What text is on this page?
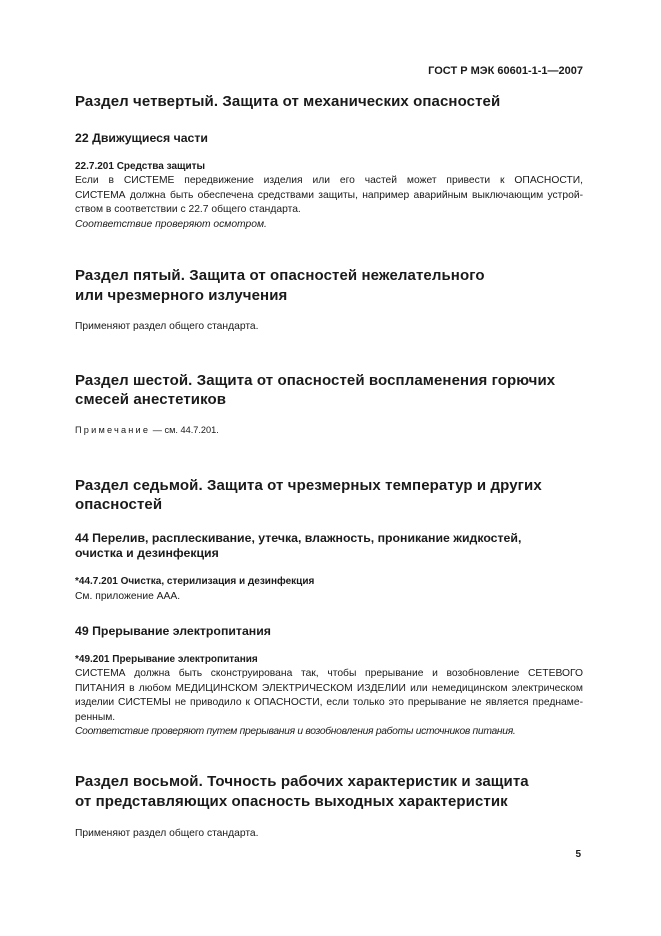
ГОСТ Р МЭК 60601-1-1—2007
Раздел четвертый. Защита от механических опасностей
22 Движущиеся части
22.7.201 Средства защиты
Если в СИСТЕМЕ передвижение изделия или его частей может привести к ОПАСНОСТИ,
СИСТЕМА должна быть обеспечена средствами защиты, например аварийным выключающим устрой-
ством в соответствии с 22.7 общего стандарта.
Соответствие проверяют осмотром.
Раздел пятый. Защита от опасностей нежелательного
или чрезмерного излучения
Применяют раздел общего стандарта.
Раздел шестой. Защита от опасностей воспламенения горючих
смесей анестетиков
Примечание — см. 44.7.201.
Раздел седьмой. Защита от чрезмерных температур и других
опасностей
44 Перелив, расплескивание, утечка, влажность, проникание жидкостей,
очистка и дезинфекция
*44.7.201 Очистка, стерилизация и дезинфекция
См. приложение ААА.
49 Прерывание электропитания
*49.201 Прерывание электропитания
СИСТЕМА должна быть сконструирована так, чтобы прерывание и возобновление СЕТЕВОГО
ПИТАНИЯ в любом МЕДИЦИНСКОМ ЭЛЕКТРИЧЕСКОМ ИЗДЕЛИИ или немедицинском электрическом
изделии СИСТЕМЫ не приводило к ОПАСНОСТИ, если только это прерывание не является преднаме-
ренным.
Соответствие проверяют путем прерывания и возобновления работы источников питания.
Раздел восьмой. Точность рабочих характеристик и защита
от представляющих опасность выходных характеристик
Применяют раздел общего стандарта.
5
